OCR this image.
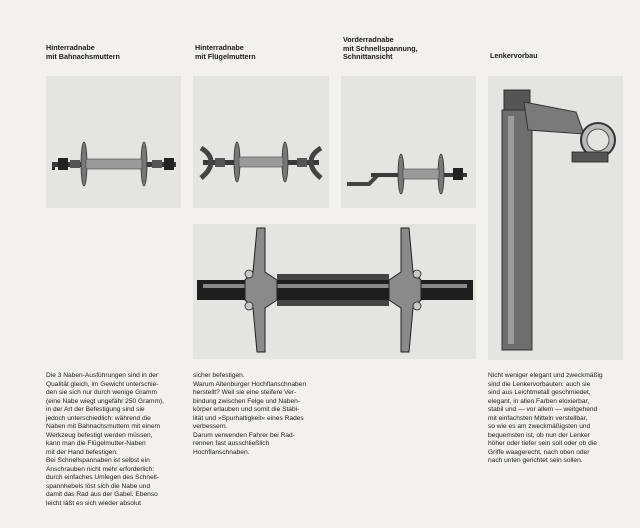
Hinterradnabe
mit Bahnachsmuttern
Hinterradnabe
mit Flügelmuttern
Vorderradnabe
mit Schnellspannung,
Schnittansicht	Lenkervorbau
Die 3 Naben-Ausführungen sind in der
Qualität gleich, im Gewicht unterschie-
den sie sich nur durch wenige Gramm
(eine Nabe wiegt ungefähr 250 Gramm),
in der Art der Befestigung sind sie
jedoch unterschiedlich: während die
Naben mit Bahnachsmuttern mit einem
Werkzeug befestigt werden müssen,
kann man die Flügelmutter-Naben
mit der Hand befestigen.
Bei Schnellspannaben ist selbst ein
Anschrauben nicht mehr erforderlich:
durch einfaches Umlegen des Schnell-
spannhebels löst sich die Nabe und
damit das Rad aus der Gabel. Ebenso
leicht läßt es sich wieder absolut
sicher befestigen.
Warum Altenburger Hochflanschnaben
herstellt? Weil sie eine steifere Ver-
bindung zwischen Felge und Naben-
körper erlauben und somit die Stabi-
lität und »Spurhaltigkeit« eines Rades
verbessern.
Darum verwenden Fahrer bei Rad-
rennen fast ausschließlich
Hochflanschnaben.
Nicht weniger elegant und zweckmäßig
sind die Lenkervorbauten: auch sie
sind aus Leichtmetall geschmiedet,
elegant, in allen Farben eloxierbar,
stabil und — vor allem — weitgehend
mit einfachsten Mitteln verstellbar,
so wie es am zweckmäßigsten und
bequemsten ist, ob nun der Lenker
höher oder tiefer sein soll oder ob die
Griffe waagerecht, nach oben oder
nach unten gerichtet sein sollen.
